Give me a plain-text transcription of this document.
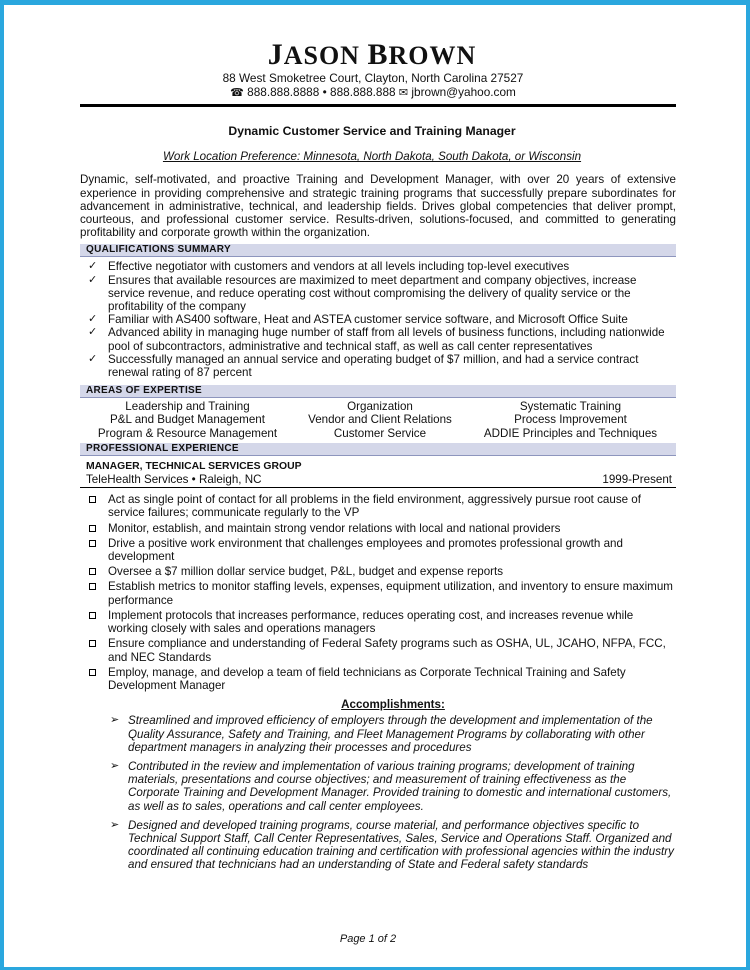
JASON BROWN
88 West Smoketree Court, Clayton, North Carolina 27527
☎ 888.888.8888 • 888.888.888 ✉ jbrown@yahoo.com
Dynamic Customer Service and Training Manager
Work Location Preference: Minnesota, North Dakota, South Dakota, or Wisconsin
Dynamic, self-motivated, and proactive Training and Development Manager, with over 20 years of extensive experience in providing comprehensive and strategic training programs that successfully prepare subordinates for advancement in administrative, technical, and leadership fields. Drives global competencies that deliver prompt, courteous, and professional customer service. Results-driven, solutions-focused, and committed to generating profitability and corporate growth within the organization.
QUALIFICATIONS SUMMARY
✓ Effective negotiator with customers and vendors at all levels including top-level executives
✓ Ensures that available resources are maximized to meet department and company objectives, increase service revenue, and reduce operating cost without compromising the delivery of quality service or the profitability of the company
✓ Familiar with AS400 software, Heat and ASTEA customer service software, and Microsoft Office Suite
✓ Advanced ability in managing huge number of staff from all levels of business functions, including nationwide pool of subcontractors, administrative and technical staff, as well as call center representatives
✓ Successfully managed an annual service and operating budget of $7 million, and had a service contract renewal rating of 87 percent
AREAS OF EXPERTISE
Leadership and Training
P&L and Budget Management
Program & Resource Management
Organization
Vendor and Client Relations
Customer Service
Systematic Training
Process Improvement
ADDIE Principles and Techniques
PROFESSIONAL EXPERIENCE
MANAGER, TECHNICAL SERVICES GROUP
TeleHealth Services • Raleigh, NC	1999-Present
Act as single point of contact for all problems in the field environment, aggressively pursue root cause of service failures; communicate regularly to the VP
Monitor, establish, and maintain strong vendor relations with local and national providers
Drive a positive work environment that challenges employees and promotes professional growth and development
Oversee a $7 million dollar service budget, P&L, budget and expense reports
Establish metrics to monitor staffing levels, expenses, equipment utilization, and inventory to ensure maximum performance
Implement protocols that increases performance, reduces operating cost, and increases revenue while working closely with sales and operations managers
Ensure compliance and understanding of Federal Safety programs such as OSHA, UL, JCAHO, NFPA, FCC, and NEC Standards
Employ, manage, and develop a team of field technicians as Corporate Technical Training and Safety Development Manager
Accomplishments:
➢ Streamlined and improved efficiency of employers through the development and implementation of the Quality Assurance, Safety and Training, and Fleet Management Programs by collaborating with other department managers in analyzing their processes and procedures
➢ Contributed in the review and implementation of various training programs; development of training materials, presentations and course objectives; and measurement of training effectiveness as the Corporate Training and Development Manager. Provided training to domestic and international customers, as well as to sales, operations and call center employees.
➢ Designed and developed training programs, course material, and performance objectives specific to Technical Support Staff, Call Center Representatives, Sales, Service and Operations Staff. Organized and coordinated all continuing education training and certification with professional agencies within the industry and ensured that technicians had an understanding of State and Federal safety standards
Page 1 of 2
